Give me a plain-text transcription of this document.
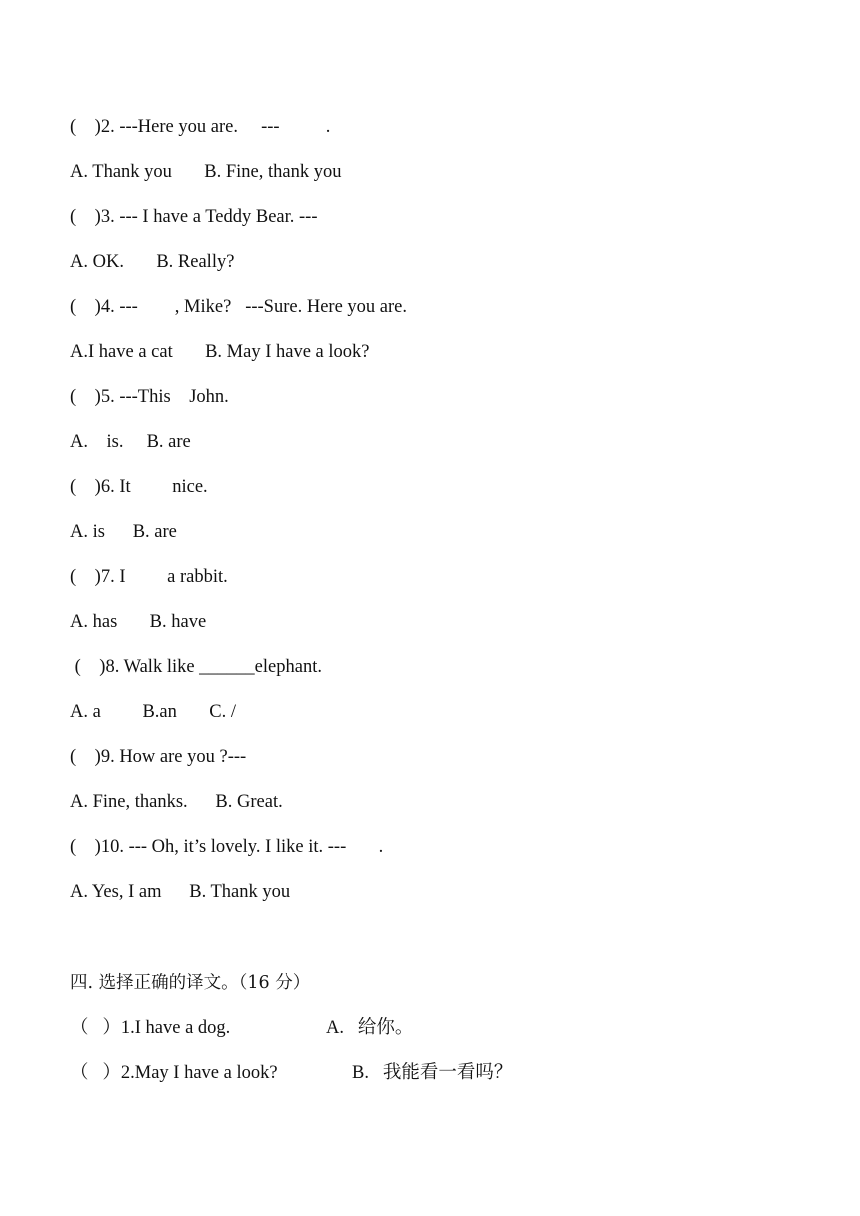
(    )2. ---Here you are.     ---          .
A. Thank you       B. Fine, thank you
(    )3. --- I have a Teddy Bear. ---
A. OK.       B. Really?
(    )4. ---        , Mike?   ---Sure. Here you are.
A.I have a cat       B. May I have a look?
(    )5. ---This    John.
A.    is.     B. are
(    )6. It         nice.
A. is      B. are
(    )7. I         a rabbit.
A. has       B. have
(    )8. Walk like ______elephant.
A. a         B.an       C. /
(    )9. How are you ?---
A. Fine, thanks.      B. Great.
(    )10. --- Oh, it’s lovely. I like it. ---       .
A. Yes, I am      B. Thank you
四. 选择正确的译文。（16 分）
（   ）1.I have a dog.	A.   给你。
（   ）2.May I have a look?	B.   我能看一看吗？
